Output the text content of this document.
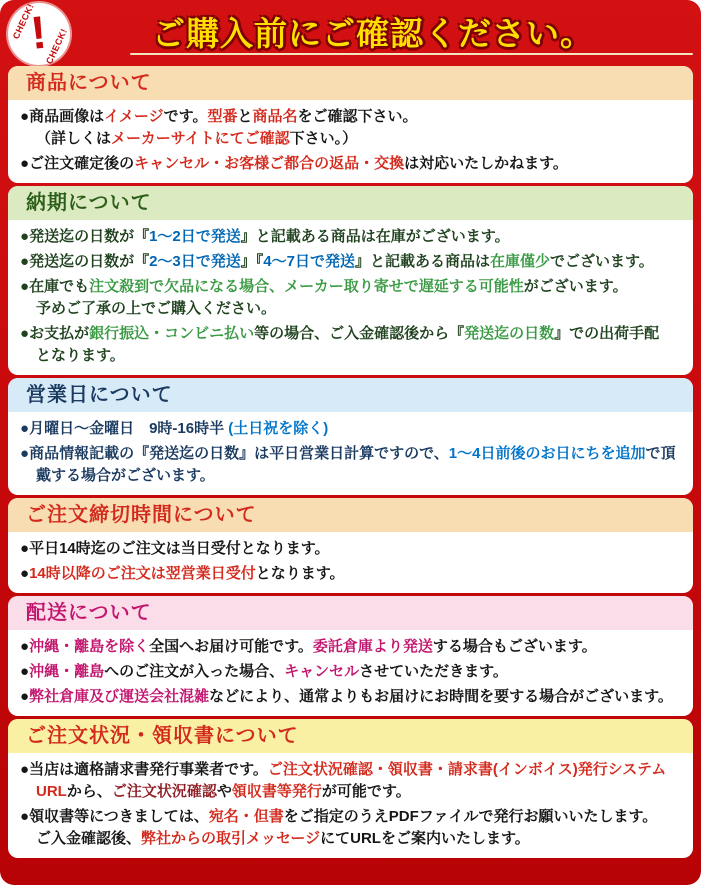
CHECK!
!
CHECK!	ご購入前にご確認ください。
商品について
●商品画像はイメージです。型番と商品名をご確認下さい。
（詳しくはメーカーサイトにてご確認下さい。）
●ご注文確定後のキャンセル・お客様ご都合の返品・交換は対応いたしかねます。
納期について
●発送迄の日数が『1～2日で発送』と記載ある商品は在庫がございます。
●発送迄の日数が『2～3日で発送』『4～7日で発送』と記載ある商品は在庫僅少でございます。
●在庫でも注文殺到で欠品になる場合、メーカー取り寄せで遅延する可能性がございます。
予めご了承の上でご購入ください。
●お支払が銀行振込・コンビニ払い等の場合、ご入金確認後から『発送迄の日数』での出荷手配
となります。
営業日について
●月曜日～金曜日　9時-16時半 (土日祝を除く)
●商品情報記載の『発送迄の日数』は平日営業日計算ですので、1～4日前後のお日にちを追加で頂戴する場合がございます。
ご注文締切時間について
●平日14時迄のご注文は当日受付となります。
●14時以降のご注文は翌営業日受付となります。
配送について
●沖縄・離島を除く全国へお届け可能です。委託倉庫より発送する場合もございます。
●沖縄・離島へのご注文が入った場合、キャンセルさせていただきます。
●弊社倉庫及び運送会社混雑などにより、通常よりもお届けにお時間を要する場合がございます。
ご注文状況・領収書について
●当店は適格請求書発行事業者です。ご注文状況確認・領収書・請求書(インボイス)発行システムURLから、ご注文状況確認や領収書等発行が可能です。
●領収書等につきましては、宛名・但書をご指定のうえPDFファイルで発行お願いいたします。
ご入金確認後、弊社からの取引メッセージにてURLをご案内いたします。
